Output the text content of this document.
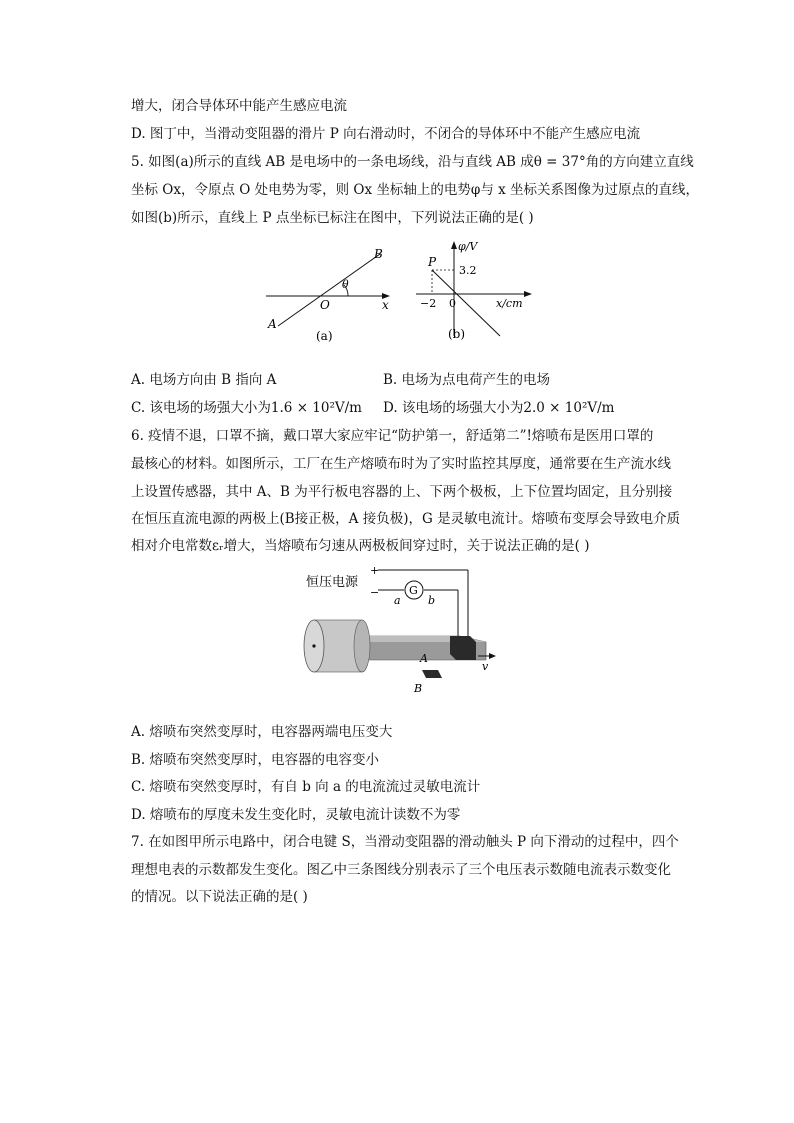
增大，闭合导体环中能产生感应电流
D. 图丁中，当滑动变阻器的滑片 P 向右滑动时，不闭合的导体环中不能产生感应电流
5. 如图(a)所示的直线 AB 是电场中的一条电场线，沿与直线 AB 成θ = 37°角的方向建立直线
坐标 Ox，令原点 O 处电势为零，则 Ox 坐标轴上的电势φ与 x 坐标关系图像为过原点的直线，
如图(b)所示，直线上 P 点坐标已标注在图中，下列说法正确的是( )
B
A
O
θ
x
(a)
φ/V
P
3.2
−2 0	x/cm
(b)
A. 电场方向由 B 指向 A	B. 电场为点电荷产生的电场
C. 该电场的场强大小为1.6 × 10²V/m D. 该电场的场强大小为2.0 × 10²V/m
6. 疫情不退，口罩不摘，戴口罩大家应牢记“防护第一，舒适第二”!熔喷布是医用口罩的
最核心的材料。如图所示，工厂在生产熔喷布时为了实时监控其厚度，通常要在生产流水线
上设置传感器，其中 A、B 为平行板电容器的上、下两个极板，上下位置均固定，且分别接
在恒压直流电源的两极上(B接正极，A 接负极)，G 是灵敏电流计。熔喷布变厚会导致电介质
相对介电常数εᵣ增大，当熔喷布匀速从两极板间穿过时，关于说法正确的是( )
恒压电源
+
−	G
a b
A
B
v
A. 熔喷布突然变厚时，电容器两端电压变大
B. 熔喷布突然变厚时，电容器的电容变小
C. 熔喷布突然变厚时，有自 b 向 a 的电流流过灵敏电流计
D. 熔喷布的厚度未发生变化时，灵敏电流计读数不为零
7. 在如图甲所示电路中，闭合电键 S，当滑动变阻器的滑动触头 P 向下滑动的过程中，四个
理想电表的示数都发生变化。图乙中三条图线分别表示了三个电压表示数随电流表示数变化
的情况。以下说法正确的是( )
